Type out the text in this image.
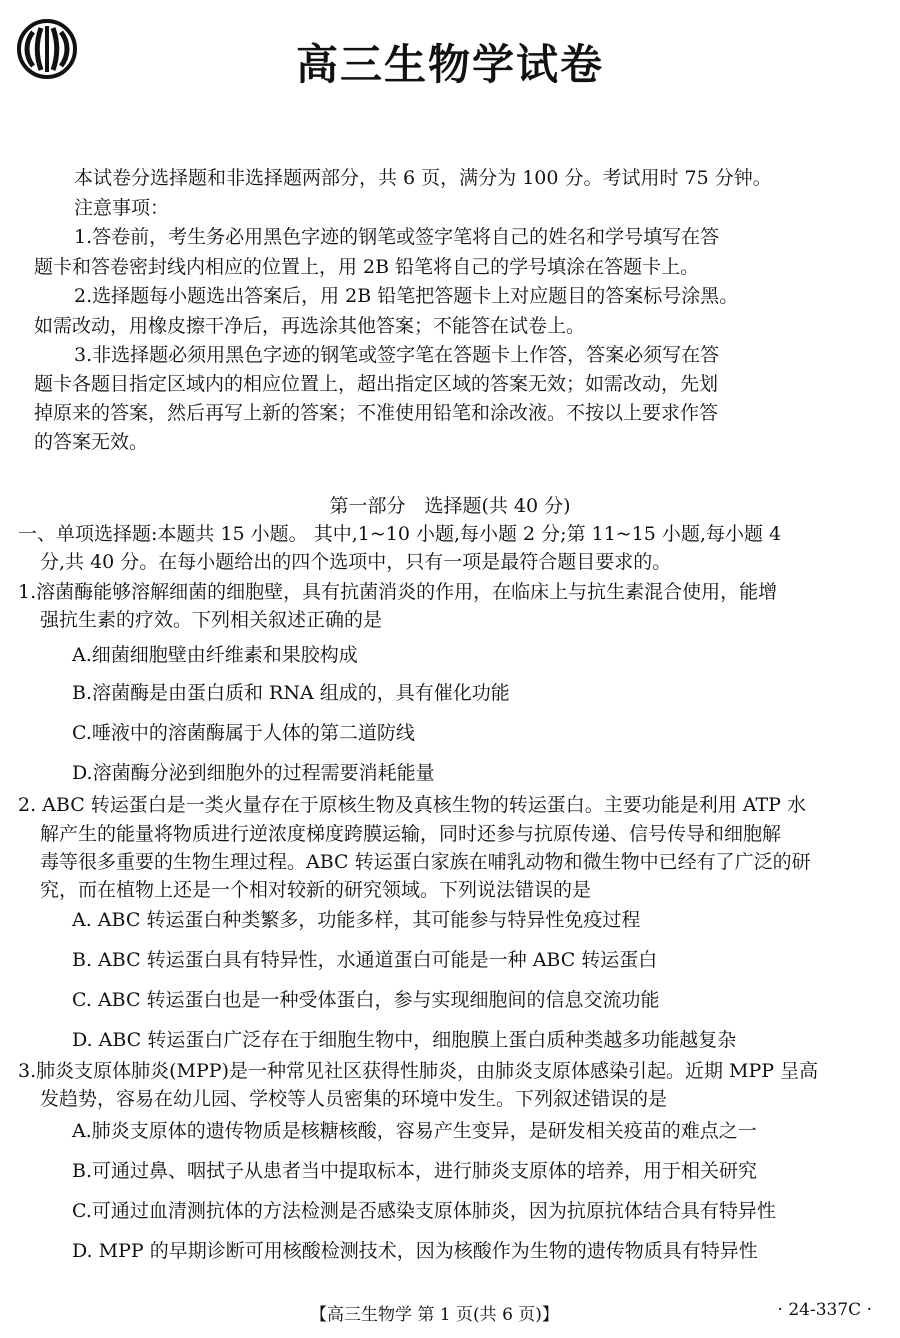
高三生物学试卷
本试卷分选择题和非选择题两部分，共 6 页，满分为 100 分。考试用时 75 分钟。
注意事项：
1.答卷前，考生务必用黑色字迹的钢笔或签字笔将自己的姓名和学号填写在答
题卡和答卷密封线内相应的位置上，用 2B 铅笔将自己的学号填涂在答题卡上。
2.选择题每小题选出答案后，用 2B 铅笔把答题卡上对应题目的答案标号涂黑。
如需改动，用橡皮擦干净后，再选涂其他答案；不能答在试卷上。
3.非选择题必须用黑色字迹的钢笔或签字笔在答题卡上作答，答案必须写在答
题卡各题目指定区域内的相应位置上，超出指定区域的答案无效；如需改动，先划
掉原来的答案，然后再写上新的答案；不准使用铅笔和涂改液。不按以上要求作答
的答案无效。
第一部分　选择题(共 40 分)
一、单项选择题:本题共 15 小题。 其中,1~10 小题,每小题 2 分;第 11~15 小题,每小题 4
分,共 40 分。在每小题给出的四个选项中，只有一项是最符合题目要求的。
1.溶菌酶能够溶解细菌的细胞壁，具有抗菌消炎的作用，在临床上与抗生素混合使用，能增
强抗生素的疗效。下列相关叙述正确的是
A.细菌细胞壁由纤维素和果胶构成
B.溶菌酶是由蛋白质和 RNA 组成的，具有催化功能
C.唾液中的溶菌酶属于人体的第二道防线
D.溶菌酶分泌到细胞外的过程需要消耗能量
2. ABC 转运蛋白是一类火量存在于原核生物及真核生物的转运蛋白。主要功能是利用 ATP 水
解产生的能量将物质进行逆浓度梯度跨膜运输，同时还参与抗原传递、信号传导和细胞解
毒等很多重要的生物生理过程。ABC 转运蛋白家族在哺乳动物和微生物中已经有了广泛的研
究，而在植物上还是一个相对较新的研究领域。下列说法错误的是
A. ABC 转运蛋白种类繁多，功能多样，其可能参与特异性免疫过程
B. ABC 转运蛋白具有特异性，水通道蛋白可能是一种 ABC 转运蛋白
C. ABC 转运蛋白也是一种受体蛋白，参与实现细胞间的信息交流功能
D. ABC 转运蛋白广泛存在于细胞生物中，细胞膜上蛋白质种类越多功能越复杂
3.肺炎支原体肺炎(MPP)是一种常见社区获得性肺炎，由肺炎支原体感染引起。近期 MPP 呈高
发趋势，容易在幼儿园、学校等人员密集的环境中发生。下列叙述错误的是
A.肺炎支原体的遗传物质是核糖核酸，容易产生变异，是研发相关疫苗的难点之一
B.可通过鼻、咽拭子从患者当中提取标本，进行肺炎支原体的培养，用于相关研究
C.可通过血清测抗体的方法检测是否感染支原体肺炎，因为抗原抗体结合具有特异性
D. MPP 的早期诊断可用核酸检测技术，因为核酸作为生物的遗传物质具有特异性
【高三生物学 第 1 页(共 6 页)】	· 24-337C ·
